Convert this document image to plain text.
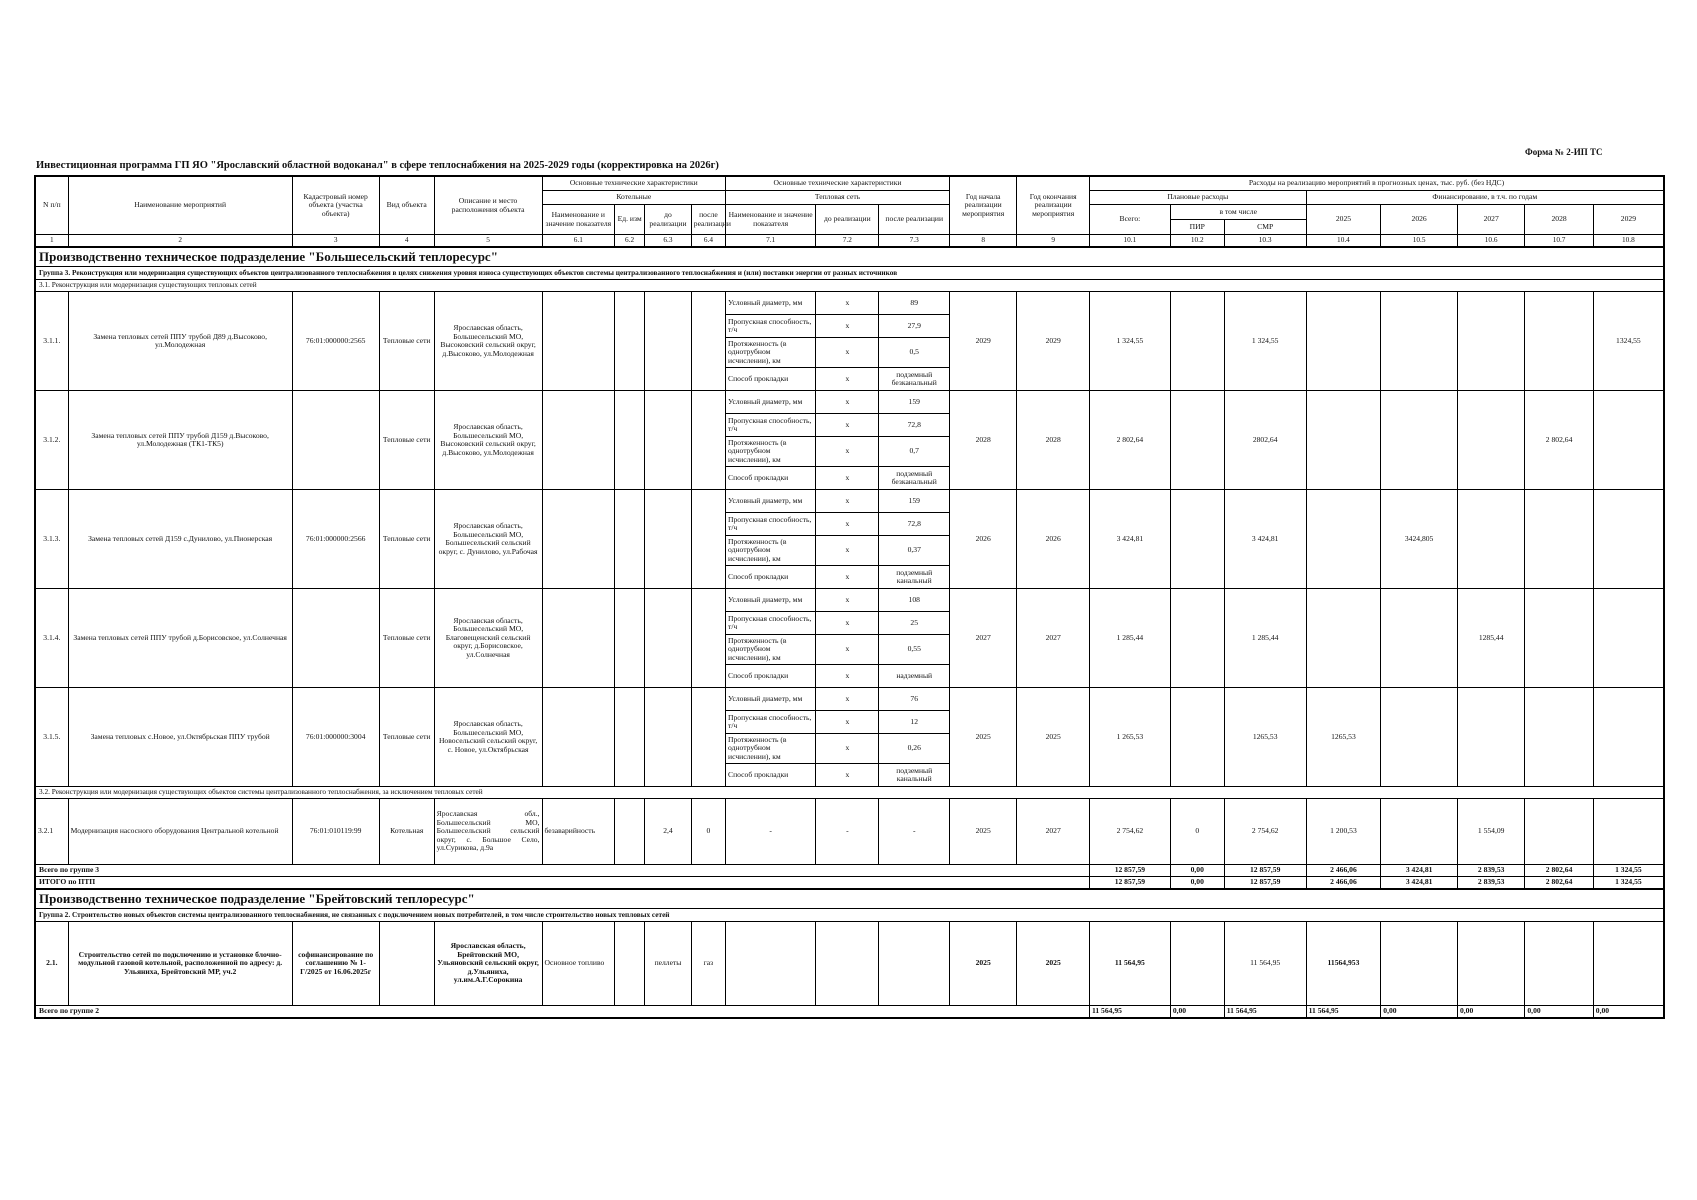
Форма № 2-ИП ТС
Инвестиционная программа ГП ЯО "Ярославский областной водоканал" в сфере теплоснабжения на 2025-2029 годы (корректировка на 2026г)
N п/п	Наименование мероприятий	Кадастровый номер объекта (участка объекта)	Вид объекта	Описание и место расположения объекта	Основные технические характеристики				Основные технические характеристики			Год начала реализации мероприятия	Год окончания реализации мероприятия	Расходы на реализацию мероприятий в прогнозных ценах, тыс. руб. (без НДС)							
					Котельные				Тепловая сеть					Плановые расходы			Финансирование, в т.ч. по годам				
					Наименование и значение показателя	Ед. изм	до реализации	после реализации	Наименование и значение показателя	до реализации	после реализации			Всего:	в том числе		2025	2026	2027	2028	2029
															ПИР	СМР					
1	2	3	4	5	6.1	6.2	6.3	6.4	7.1	7.2	7.3	8	9	10.1	10.2	10.3	10.4	10.5	10.6	10.7	10.8
Производственно техническое подразделение "Большесельский теплоресурс"																					
Группа 3. Реконструкция или модернизация существующих объектов централизованного теплоснабжения в целях снижения уровня износа существующих объектов системы централизованного теплоснабжения и (или) поставки энергии от разных источников																					
3.1. Реконструкция или модернизация существующих тепловых сетей																					
3.1.1.	Замена тепловых сетей ППУ трубой Д89 д.Высоково, ул.Молодежная	76:01:000000:2565	Тепловые сети	Ярославская область, Большесельский МО, Высоковский сельский округ, д.Высоково, ул.Молодежная					Условный диаметр, мм	х	89	2029	2029	1 324,55		1 324,55					1324,55
									Пропускная способность, т/ч	х	27,9										
									Протяженность (в однотрубном исчислении), км	х	0,5										
									Способ прокладки	х	подземный безканальный										
3.1.2.	Замена тепловых сетей ППУ трубой Д159 д.Высоково, ул.Молодежная (ТК1-ТК5)		Тепловые сети	Ярославская область, Большесельский МО, Высоковский сельский округ, д.Высоково, ул.Молодежная					Условный диаметр, мм	х	159	2028	2028	2 802,64		2802,64				2 802,64	
									Пропускная способность, т/ч	х	72,8										
									Протяженность (в однотрубном исчислении), км	х	0,7										
									Способ прокладки	х	подземный безканальный										
3.1.3.	Замена тепловых сетей Д159 с.Дуниловo, ул.Пионерская	76:01:000000:2566	Тепловые сети	Ярославская область, Большесельский МО, Большесельский сельский округ, с. Дунилово, ул.Рабочая					Условный диаметр, мм	х	159	2026	2026	3 424,81		3 424,81		3424,805			
									Пропускная способность, т/ч	х	72,8										
									Протяженность (в однотрубном исчислении), км	х	0,37										
									Способ прокладки	х	подземный канальный										
3.1.4.	Замена тепловых сетей ППУ трубой д.Борисовское, ул.Солнечная		Тепловые сети	Ярославская область, Большесельский МО, Благовещенский сельский округ, д.Борисовское, ул.Солнечная					Условный диаметр, мм	х	108	2027	2027	1 285,44		1 285,44			1285,44		
									Пропускная способность, т/ч	х	25										
									Протяженность (в однотрубном исчислении), км	х	0,55										
									Способ прокладки	х	надземный										
3.1.5.	Замена тепловых с.Новое, ул.Октябрьская ППУ трубой	76:01:000000:3004	Тепловые сети	Ярославская область, Большесельский МО, Новосельский сельский округ, с. Новое, ул.Октябрьская					Условный диаметр, мм	х	76	2025	2025	1 265,53		1265,53	1265,53				
									Пропускная способность, т/ч	х	12										
									Протяженность (в однотрубном исчислении), км	х	0,26										
									Способ прокладки	х	подземный канальный										
3.2. Реконструкция или модернизация существующих объектов системы централизованного теплоснабжения, за исключением тепловых сетей																					
3.2.1	Модернизация насосного оборудования Центральной котельной	76:01:010119:99	Котельная	Ярославская обл., Большесельский МО, Большесельский сельский округ, с. Большое Село, ул.Суриковa, д.9а	безаварийность		2,4	0	-	-	-	2025	2027	2 754,62	0	2 754,62	1 200,53		1 554,09		
Всего по группе 3														12 857,59	0,00	12 857,59	2 466,06	3 424,81	2 839,53	2 802,64	1 324,55
ИТОГО по ПТП														12 857,59	0,00	12 857,59	2 466,06	3 424,81	2 839,53	2 802,64	1 324,55
Производственно техническое подразделение "Брейтовский теплоресурс"																					
Группа 2. Строительство новых объектов системы централизованного теплоснабжения, не связанных с подключением новых потребителей, в том числе строительство новых тепловых сетей																					
2.1.	Строительство сетей по подключению и установке блочно-модульной газовой котельной, расположенной по адресу: д. Ульяниха, Брейтовский МР, уч.2	софинансирование по соглашению № 1-Г/2025 от 16.06.2025г		Ярославская область, Брейтовский МО, Ульяновский сельский округ, д.Ульяниха, ул.им.А.Г.Сорокина	Основное топливо		пеллеты	газ				2025	2025	11 564,95		11 564,95	11564,953				
Всего по группе 2														11 564,95	0,00	11 564,95	11 564,95	0,00	0,00	0,00	0,00
